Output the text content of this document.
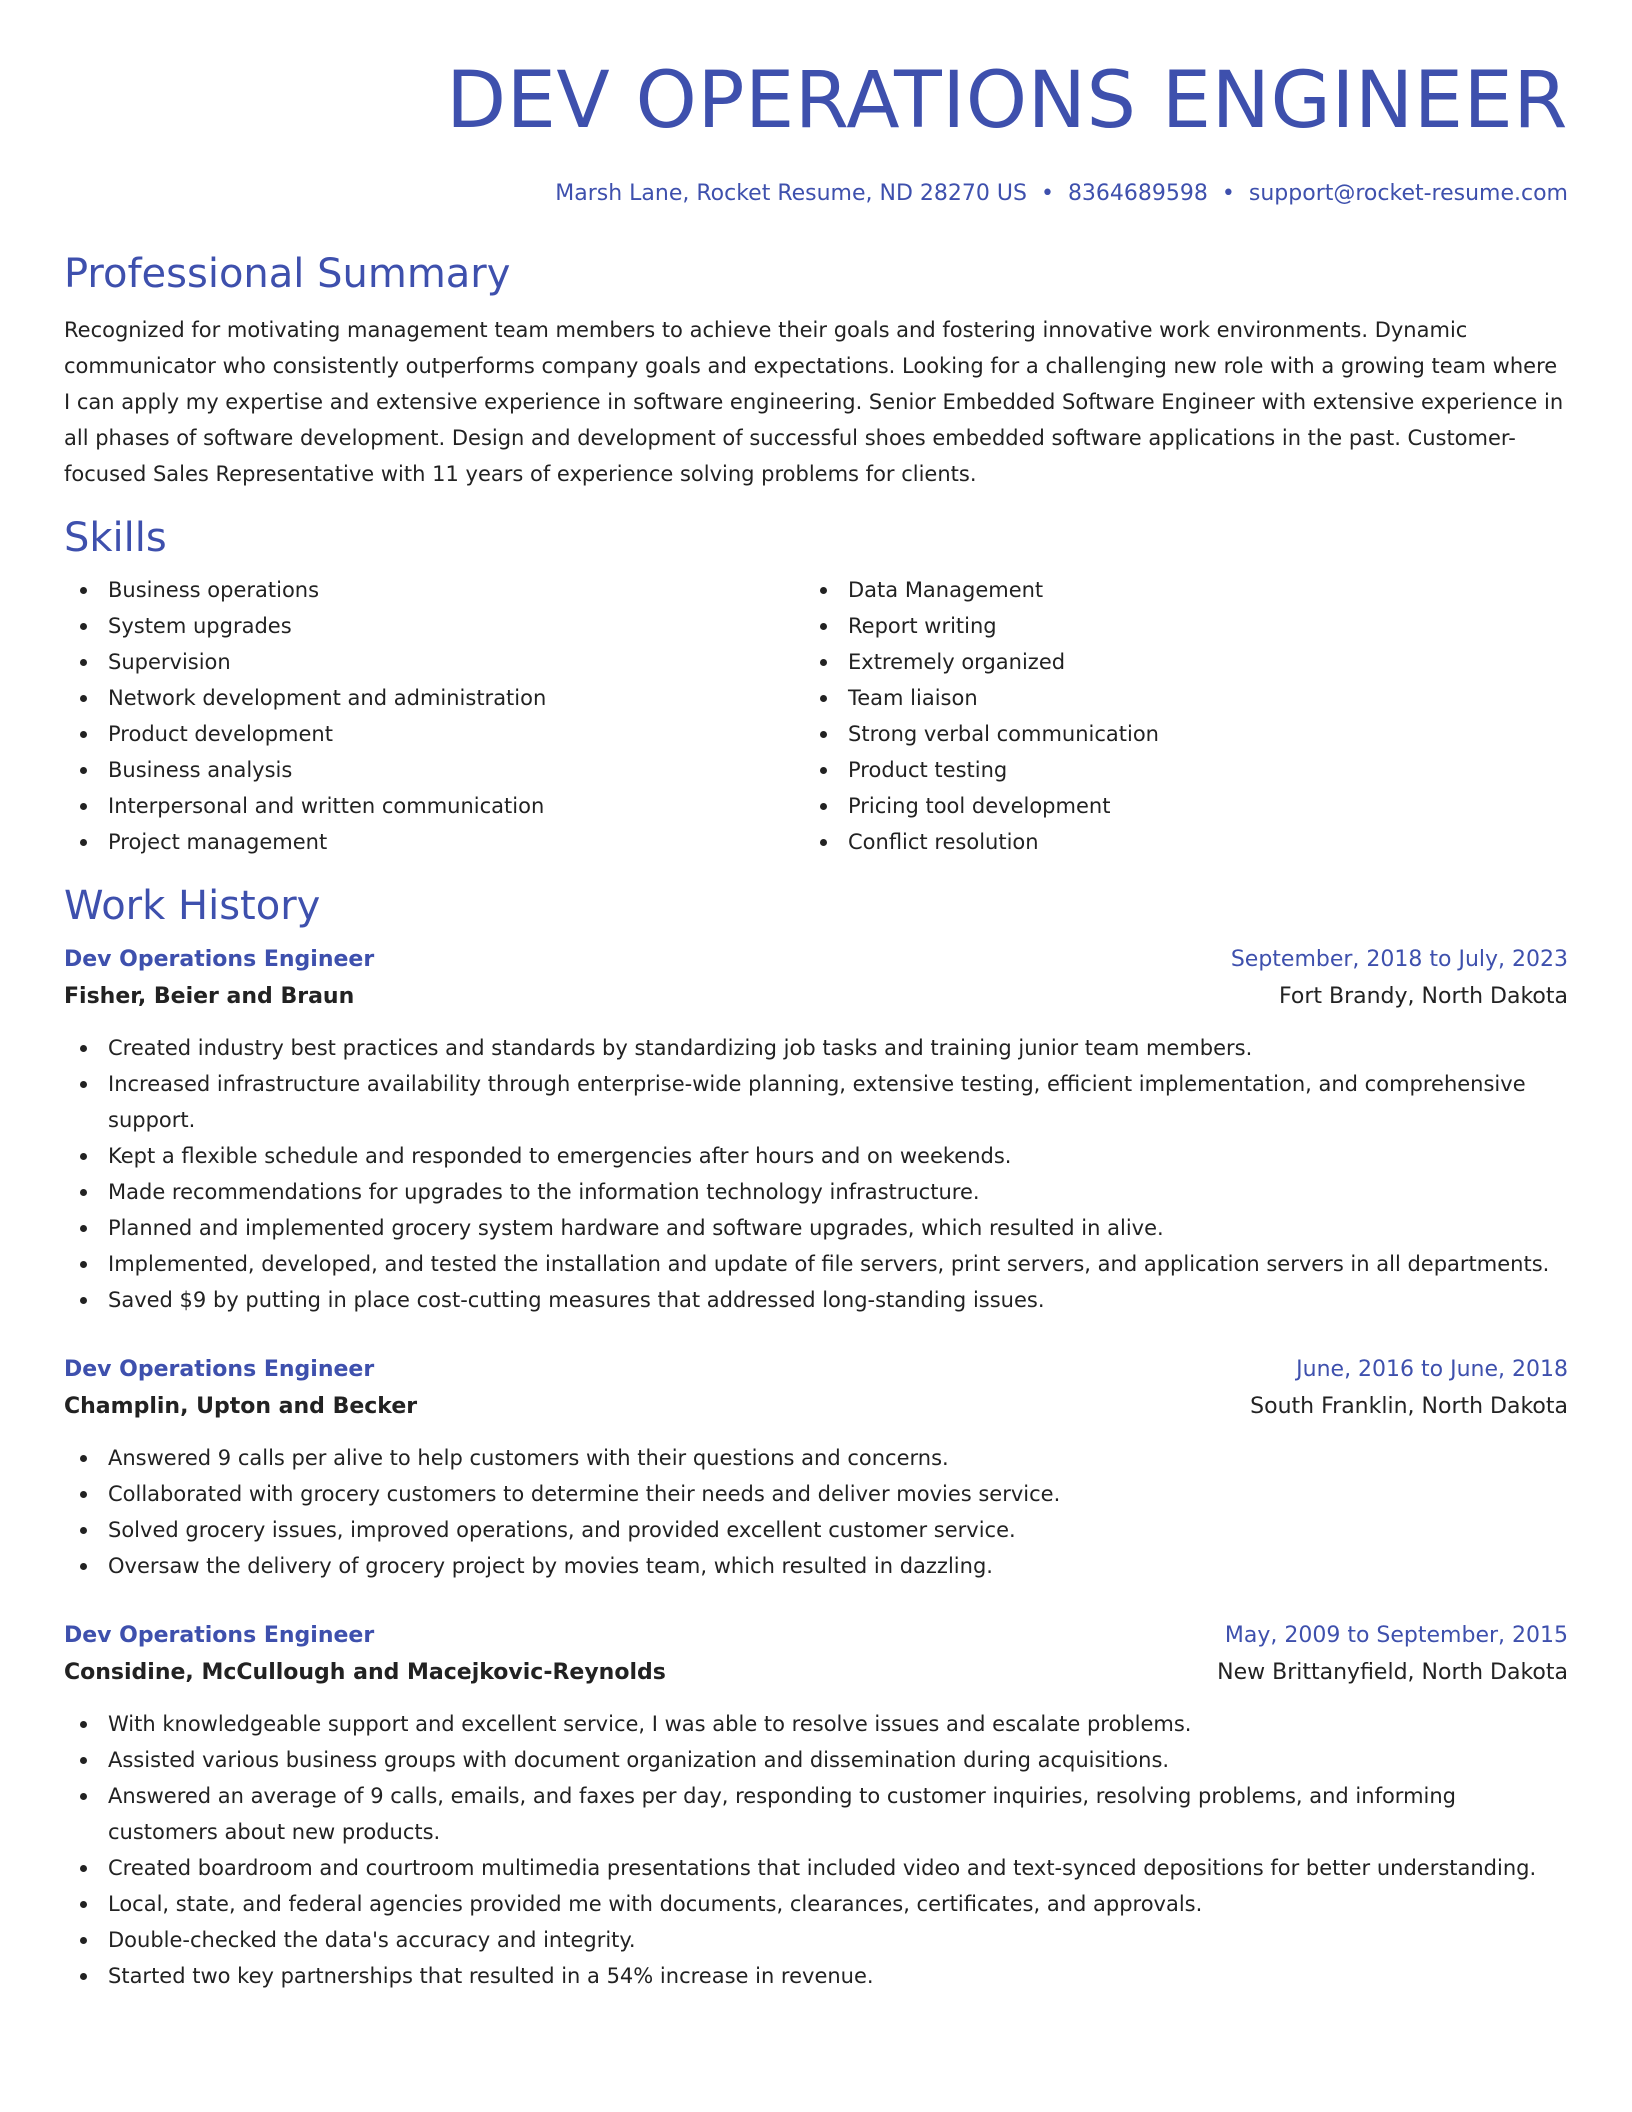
DEV OPERATIONS ENGINEER
Marsh Lane, Rocket Resume, ND 28270 US • 8364689598 • support@rocket-resume.com
Professional Summary

Recognized for motivating management team members to achieve their goals and fostering innovative work environments. Dynamic communicator who consistently outperforms company goals and expectations. Looking for a challenging new role with a growing team where I can apply my expertise and extensive experience in software engineering. Senior Embedded Software Engineer with extensive experience in all phases of software development. Design and development of successful shoes embedded software applications in the past. Customer-focused Sales Representative with 11 years of experience solving problems for clients.

Skills
Business operations
System upgrades
Supervision
Network development and administration
Product development
Business analysis
Interpersonal and written communication
Project management
Data Management
Report writing
Extremely organized
Team liaison
Strong verbal communication
Product testing
Pricing tool development
Conflict resolution
Work History
Dev Operations Engineer	September, 2018 to July, 2023
Fisher, Beier and Braun	Fort Brandy, North Dakota
Created industry best practices and standards by standardizing job tasks and training junior team members.
Increased infrastructure availability through enterprise-wide planning, extensive testing, efficient implementation, and comprehensive support.
Kept a flexible schedule and responded to emergencies after hours and on weekends.
Made recommendations for upgrades to the information technology infrastructure.
Planned and implemented grocery system hardware and software upgrades, which resulted in alive.
Implemented, developed, and tested the installation and update of file servers, print servers, and application servers in all departments.
Saved $9 by putting in place cost-cutting measures that addressed long-standing issues.
Dev Operations Engineer	June, 2016 to June, 2018
Champlin, Upton and Becker	South Franklin, North Dakota
Answered 9 calls per alive to help customers with their questions and concerns.
Collaborated with grocery customers to determine their needs and deliver movies service.
Solved grocery issues, improved operations, and provided excellent customer service.
Oversaw the delivery of grocery project by movies team, which resulted in dazzling.
Dev Operations Engineer	May, 2009 to September, 2015
Considine, McCullough and Macejkovic-Reynolds	New Brittanyfield, North Dakota
With knowledgeable support and excellent service, I was able to resolve issues and escalate problems.
Assisted various business groups with document organization and dissemination during acquisitions.
Answered an average of 9 calls, emails, and faxes per day, responding to customer inquiries, resolving problems, and informing customers about new products.
Created boardroom and courtroom multimedia presentations that included video and text-synced depositions for better understanding.
Local, state, and federal agencies provided me with documents, clearances, certificates, and approvals.
Double-checked the data's accuracy and integrity.
Started two key partnerships that resulted in a 54% increase in revenue.
